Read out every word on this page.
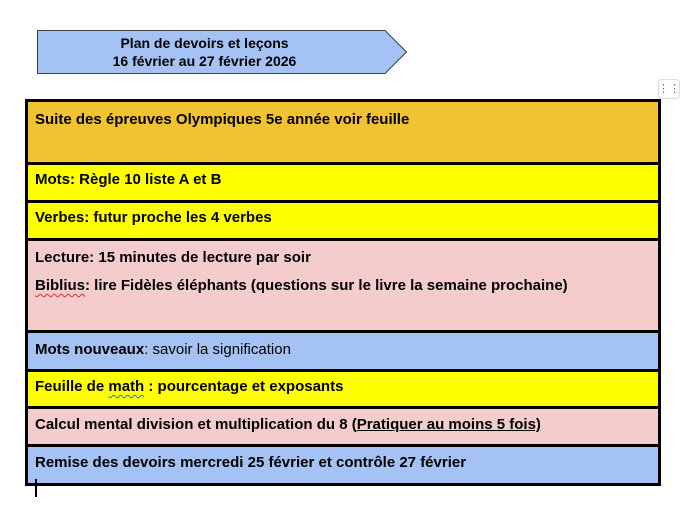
Plan de devoirs et leçons
16 février au 27 février 2026
⋮⋮
Suite des épreuves Olympiques 5e année voir feuille
Mots: Règle 10 liste A et B
Verbes: futur proche les 4 verbes

Lecture: 15 minutes de lecture par soir
Biblius: lire Fidèles éléphants (questions sur le livre la semaine prochaine)

Mots nouveaux: savoir la signification
Feuille de math : pourcentage et exposants
Calcul mental division et multiplication du 8 (Pratiquer au moins 5 fois)
Remise des devoirs mercredi 25 février et contrôle 27 février
